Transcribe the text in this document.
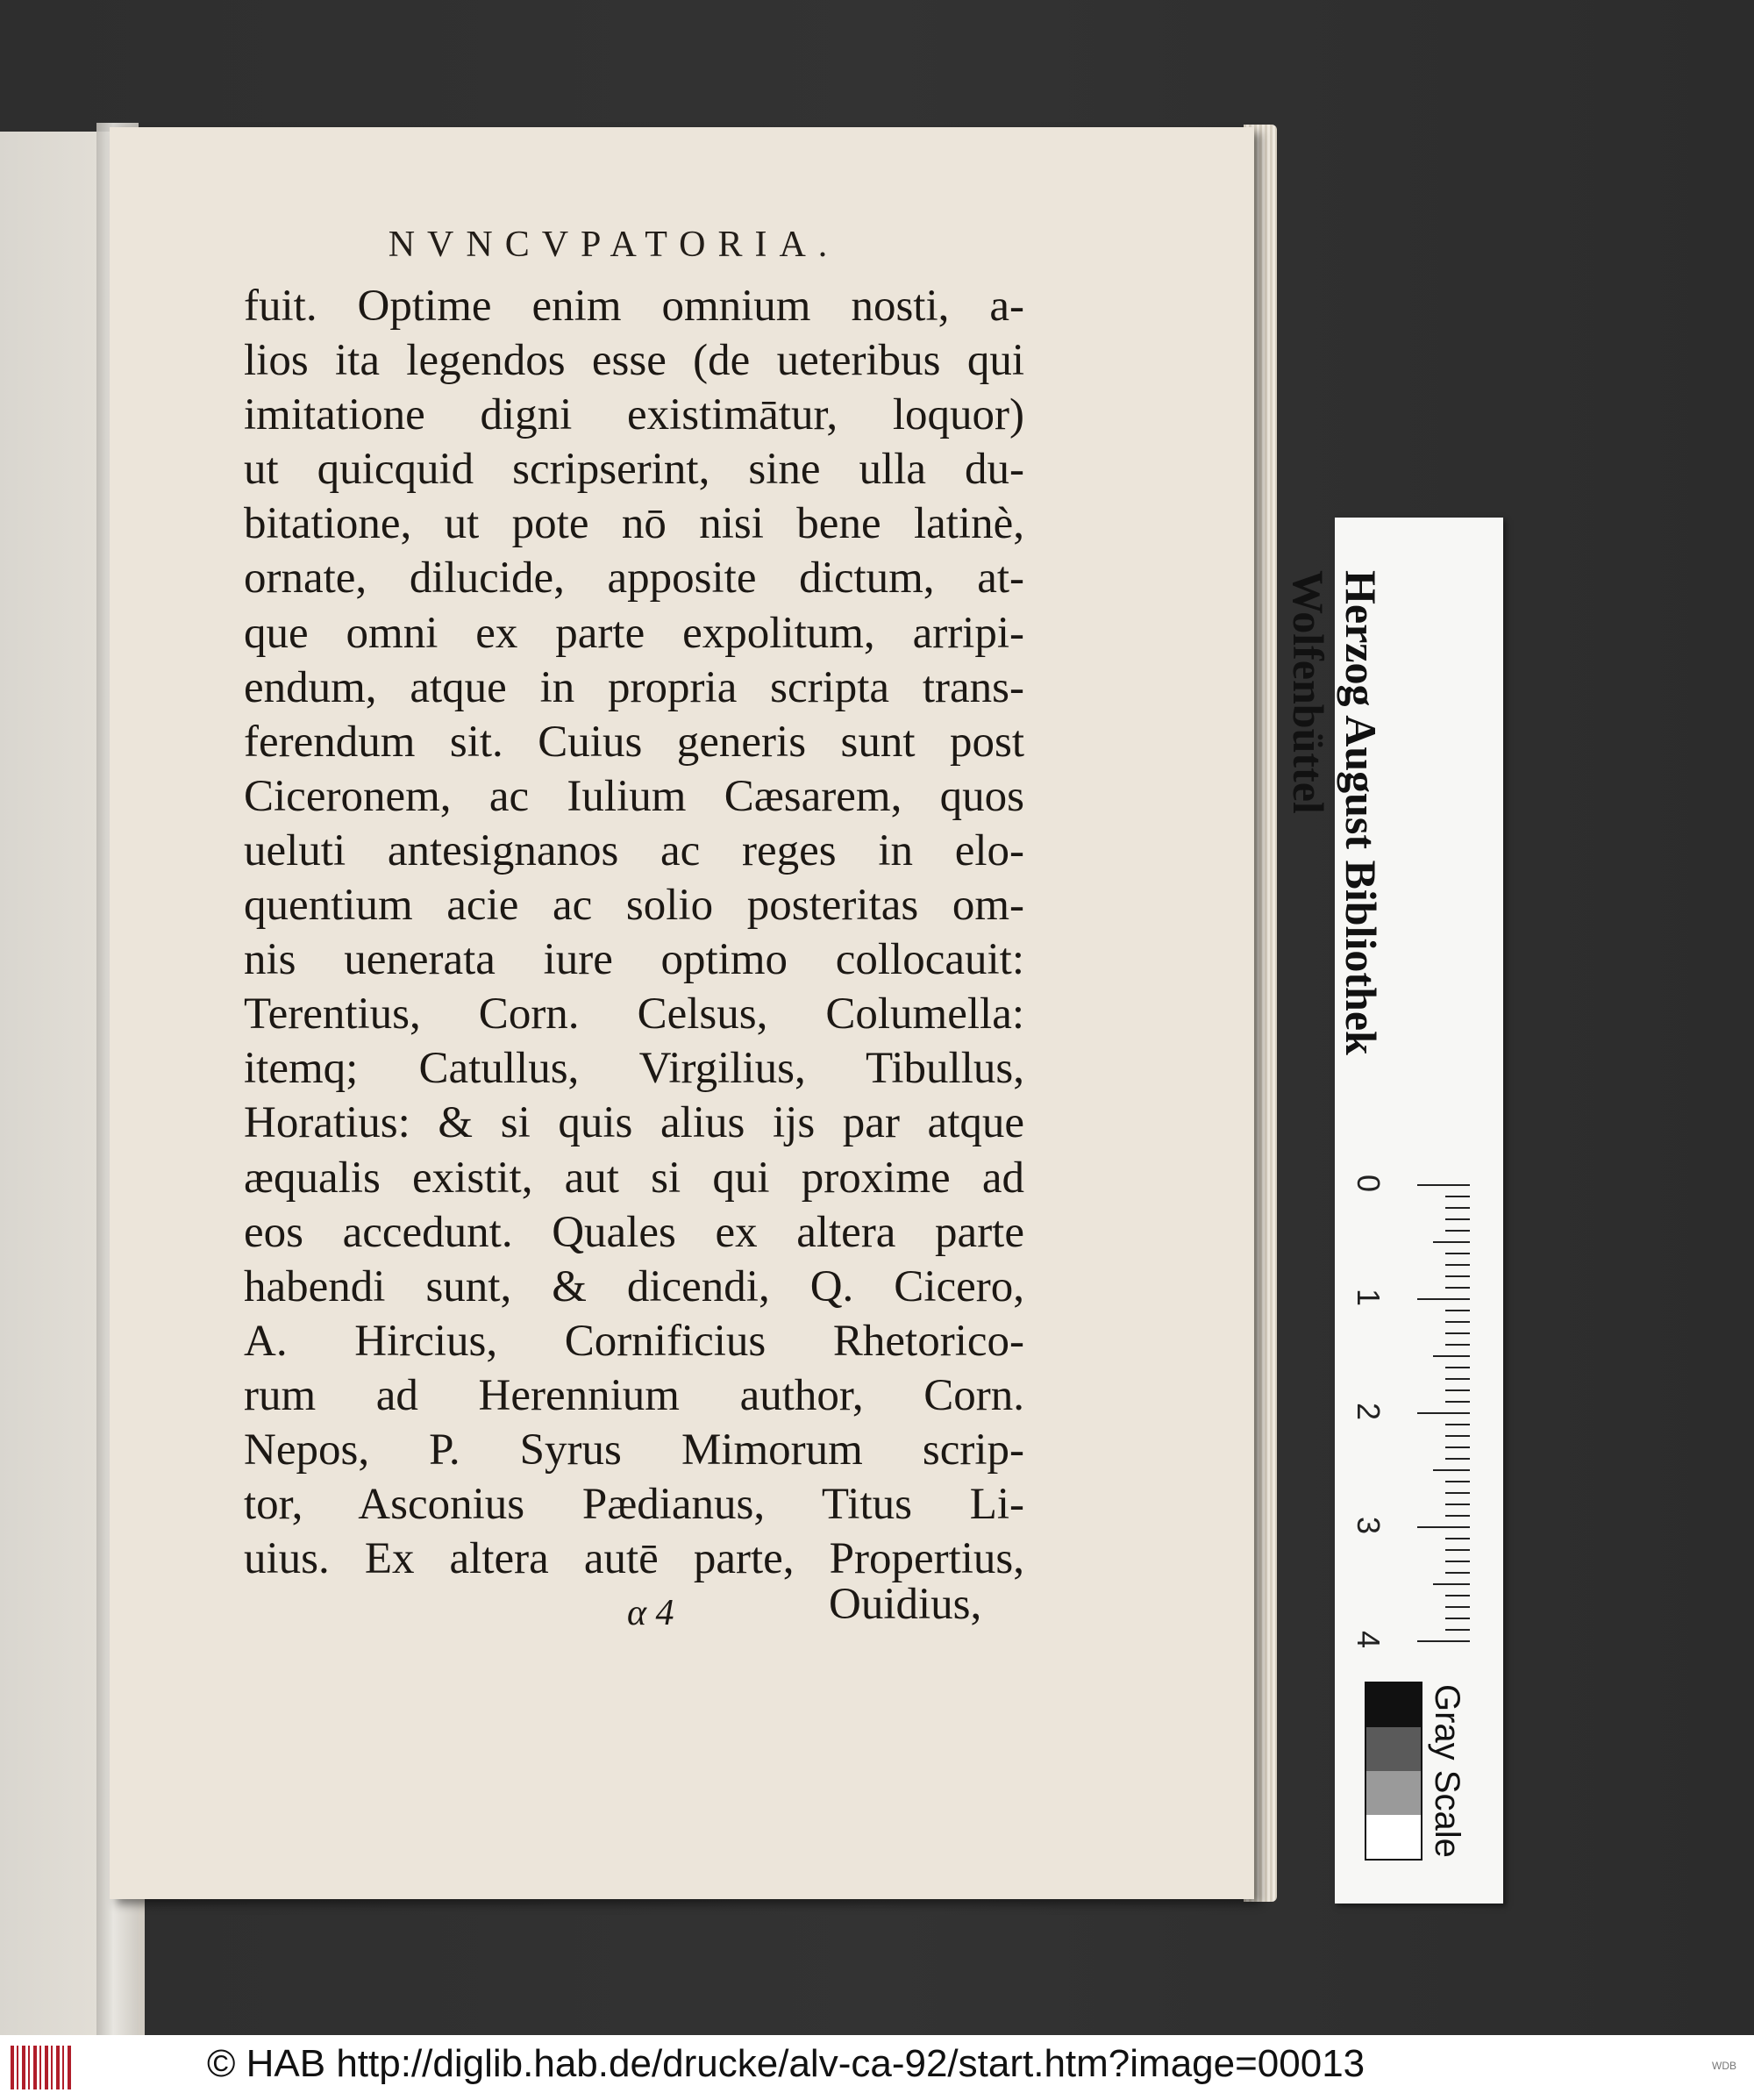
NVNCVPATORIA.
fuit. Optime enim omnium nosti, a-
lios ita legendos esse (de ueteribus qui
imitatione digni existimātur, loquor)
ut quicquid scripserint, sine ulla du-
bitatione, ut pote nō nisi bene latinè,
ornate, dilucide, apposite dictum, at-
que omni ex parte expolitum, arripi-
endum, atque in propria scripta trans-
ferendum sit. Cuius generis sunt post
Ciceronem, ac Iulium Cæsarem, quos
ueluti antesignanos ac reges in elo-
quentium acie ac solio posteritas om-
nis uenerata iure optimo collocauit:
Terentius, Corn. Celsus, Columella:
itemq; Catullus, Virgilius, Tibullus,
Horatius: & si quis alius ijs par atque
æqualis existit, aut si qui proxime ad
eos accedunt. Quales ex altera parte
habendi sunt, & dicendi, Q. Cicero,
A. Hircius, Cornificius Rhetorico-
rum ad Herennium author, Corn.
Nepos, P. Syrus Mimorum scrip-
tor, Asconius Pædianus, Titus Li-
uius. Ex altera autē parte, Propertius,
α 4	Ouidius,
Herzog August Bibliothek
Wolfenbüttel
0
1
2
3
4
Gray Scale
© HAB http://diglib.hab.de/drucke/alv-ca-92/start.htm?image=00013	WDB
